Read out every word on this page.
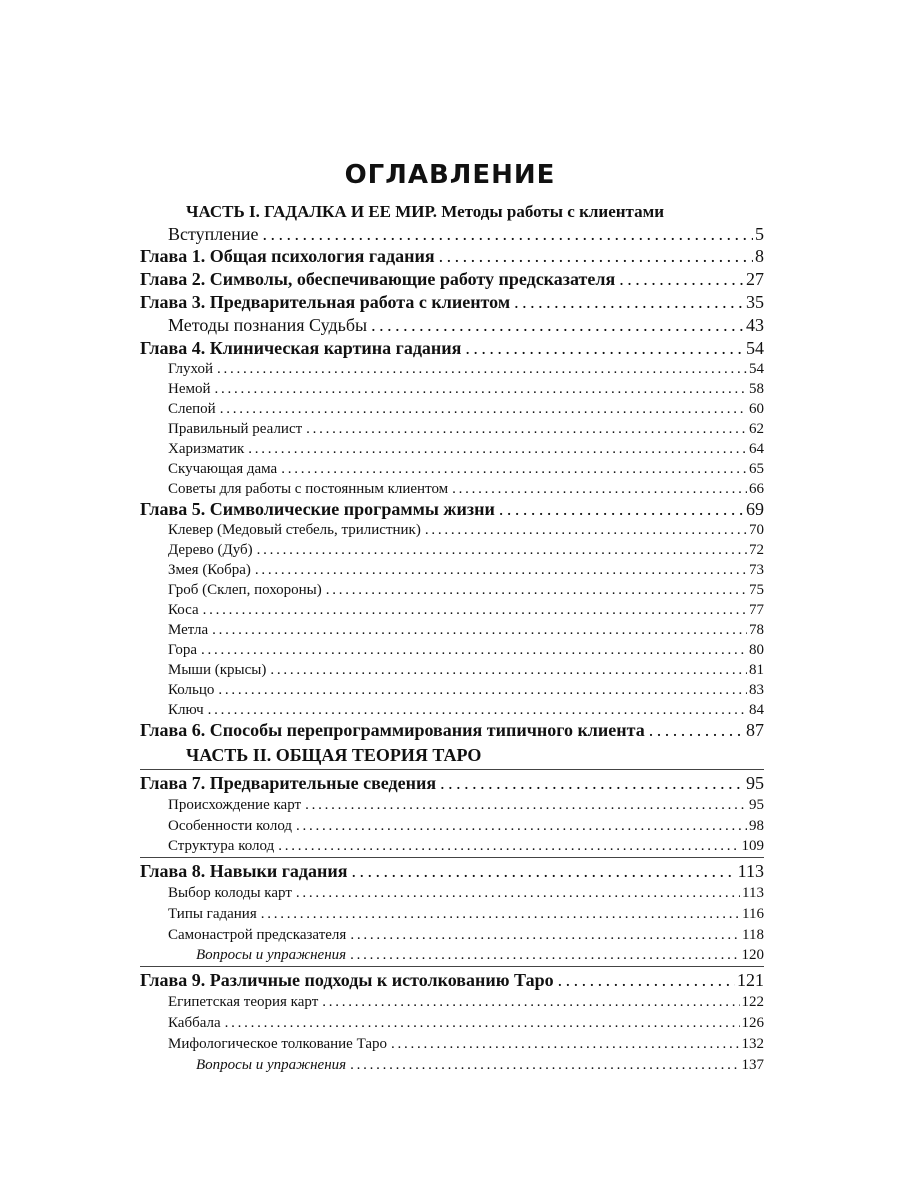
ОГЛАВЛЕНИЕ
ЧАСТЬ I. ГАДАЛКА И ЕЕ МИР. Методы работы с клиентами
Вступление . . .	5
Глава 1. Общая психология гадания . . .	8
Глава 2. Символы, обеспечивающие работу предсказателя . . .	27
Глава 3. Предварительная работа с клиентом . . .	35
Методы познания Судьбы . . .	43
Глава 4. Клиническая картина гадания . . .	54
Глухой . . .	54
Немой . . .	58
Слепой . . .	60
Правильный реалист . . .	62
Харизматик . . .	64
Скучающая дама . . .	65
Советы для работы с постоянным клиентом . . .	66
Глава 5. Символические программы жизни . . .	69
Клевер (Медовый стебель, трилистник) . . .	70
Дерево (Дуб) . . .	72
Змея (Кобра) . . .	73
Гроб (Склеп, похороны) . . .	75
Коса . . .	77
Метла . . .	78
Гора . . .	80
Мыши (крысы) . . .	81
Кольцо . . .	83
Ключ . . .	84
Глава 6. Способы перепрограммирования типичного клиента . . .	87
ЧАСТЬ II. ОБЩАЯ ТЕОРИЯ ТАРО
Глава 7. Предварительные сведения . . .	95
Происхождение карт . . .	95
Особенности колод . . .	98
Структура колод . . .	109
Глава 8. Навыки гадания . . .	113
Выбор колоды карт . . .	113
Типы гадания . . .	116
Самонастрой предсказателя . . .	118
Вопросы и упражнения . . .	120
Глава 9. Различные подходы к истолкованию Таро . . .	121
Египетская теория карт . . .	122
Каббала . . .	126
Мифологическое толкование Таро . . .	132
Вопросы и упражнения . . .	137
